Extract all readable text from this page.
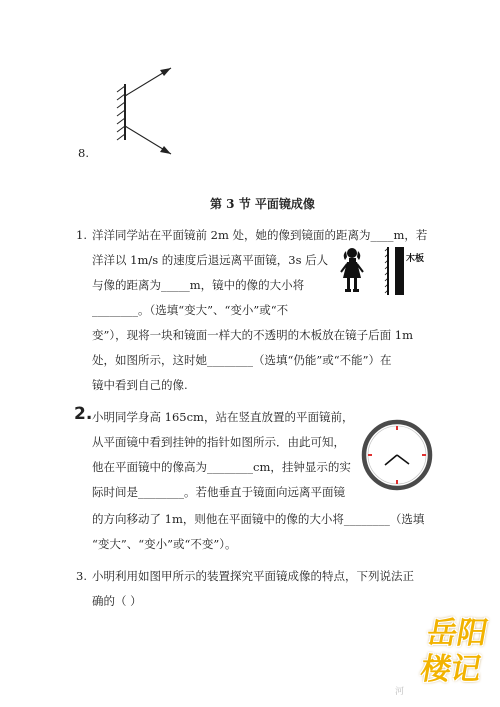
8.
第 3 节 平面镜成像
1. 洋洋同学站在平面镜前 2m 处，她的像到镜面的距离为____m，若
洋洋以 1m/s 的速度后退远离平面镜，3s 后人
与像的距离为_____m，镜中的像的大小将
________。（选填“变大”、“变小”或“不
变”），现将一块和镜面一样大的不透明的木板放在镜子后面 1m
处，如图所示，这时她________（选填“仍能”或“不能”）在
镜中看到自己的像.
木板
2. 小明同学身高 165cm，站在竖直放置的平面镜前，
从平面镜中看到挂钟的指针如图所示．由此可知，
他在平面镜中的像高为________cm，挂钟显示的实
际时间是________。若他垂直于镜面向远离平面镜
的方向移动了 1m，则他在平面镜中的像的大小将________（选填
“变大”、“变小”或“不变”）。
3. 小明利用如图甲所示的装置探究平面镜成像的特点，下列说法正
确的（ ）
岳阳楼记
河
